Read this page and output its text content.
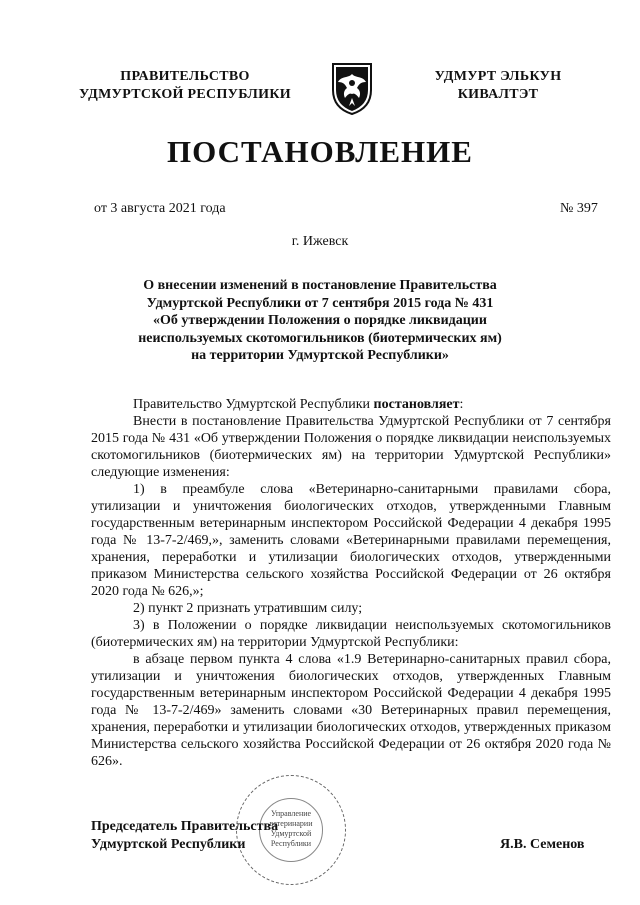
ПРАВИТЕЛЬСТВО
УДМУРТСКОЙ РЕСПУБЛИКИ
УДМУРТ ЭЛЬКУН
КИВАЛТЭТ
ПОСТАНОВЛЕНИЕ
от 3 августа 2021 года	№ 397
г. Ижевск
О внесении изменений в постановление Правительства
Удмуртской Республики от 7 сентября 2015 года № 431
«Об утверждении Положения о порядке ликвидации
неиспользуемых скотомогильников (биотермических ям)
на территории Удмуртской Республики»

Правительство Удмуртской Республики постановляет:

Внести в постановление Правительства Удмуртской Республики от 7 сентября 2015 года № 431 «Об утверждении Положения о порядке ликвидации неиспользуемых скотомогильников (биотермических ям) на территории Удмуртской Республики» следующие изменения:

1) в преамбуле слова «Ветеринарно-санитарными правилами сбора, утилизации и уничтожения биологических отходов, утвержденными Главным государственным ветеринарным инспектором Российской Федерации 4 декабря 1995 года № 13-7-2/469,», заменить словами «Ветеринарными правилами перемещения, хранения, переработки и утилизации биологических отходов, утвержденными приказом Министерства сельского хозяйства Российской Федерации от 26 октября 2020 года № 626,»;

2) пункт 2 признать утратившим силу;

3) в Положении о порядке ликвидации неиспользуемых скотомогильников (биотермических ям) на территории Удмуртской Республики:

в абзаце первом пункта 4 слова «1.9 Ветеринарно-санитарных правил сбора, утилизации и уничтожения биологических отходов, утвержденных Главным государственным ветеринарным инспектором Российской Федерации 4 декабря 1995 года № 13-7-2/469» заменить словами «30 Ветеринарных правил перемещения, хранения, переработки и утилизации биологических отходов, утвержденных приказом Министерства сельского хозяйства Российской Федерации от 26 октября 2020 года № 626».

Управление
ветеринарии
Удмуртской
Республики
Председатель Правительства
Удмуртской Республики	Я.В. Семенов
